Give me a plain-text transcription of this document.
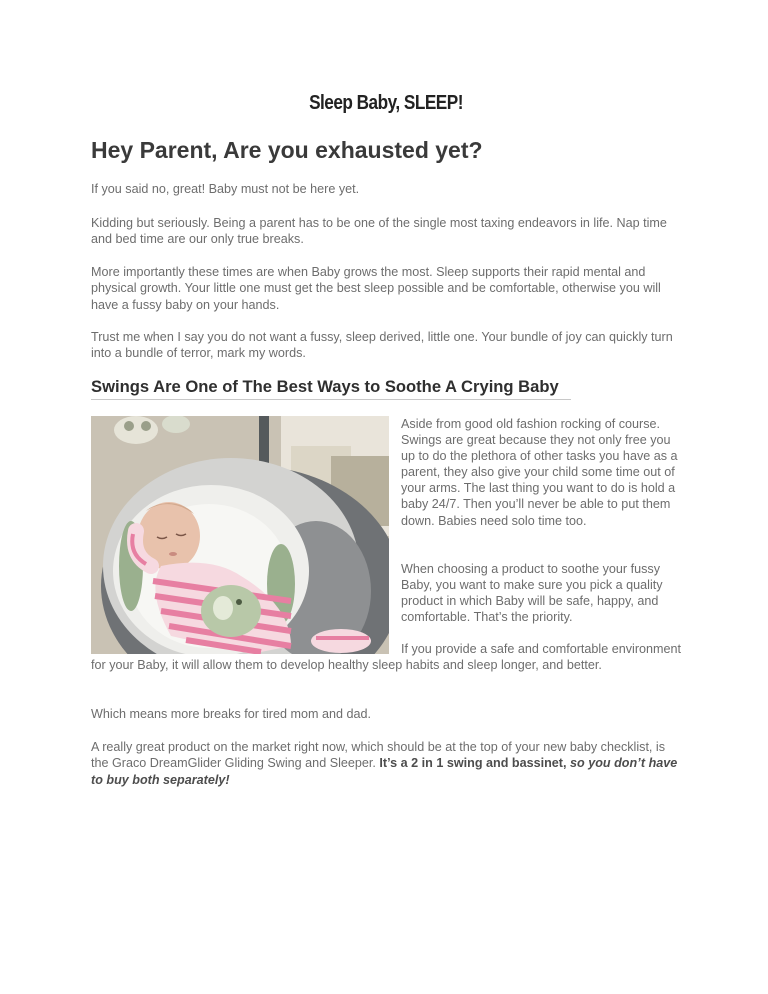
Sleep Baby, SLEEP!
Hey Parent, Are you exhausted yet?

If you said no, great! Baby must not be here yet.

Kidding but seriously. Being a parent has to be one of the single most taxing endeavors in life. Nap time and bed time are our only true breaks.

More importantly these times are when Baby grows the most. Sleep supports their rapid mental and physical growth. Your little one must get the best sleep possible and be comfortable, otherwise you will have a fussy baby on your hands.

Trust me when I say you do not want a fussy, sleep derived, little one. Your bundle of joy can quickly turn into a bundle of terror, mark my words.

Swings Are One of The Best Ways to Soothe A Crying Baby

Aside from good old fashion rocking of course. Swings are great because they not only free you up to do the plethora of other tasks you have as a parent, they also give your child some time out of your arms. The last thing you want to do is hold a baby 24/7. Then you’ll never be able to put them down. Babies need solo time too.

When choosing a product to soothe your fussy Baby, you want to make sure you pick a quality product in which Baby will be safe, happy, and comfortable. That’s the priority.

If you provide a safe and comfortable environment for your Baby, it will allow them to develop healthy sleep habits and sleep longer, and better.

Which means more breaks for tired mom and dad.

A really great product on the market right now, which should be at the top of your new baby checklist, is the Graco DreamGlider Gliding Swing and Sleeper. It’s a 2 in 1 swing and bassinet, so you don’t have to buy both separately!
